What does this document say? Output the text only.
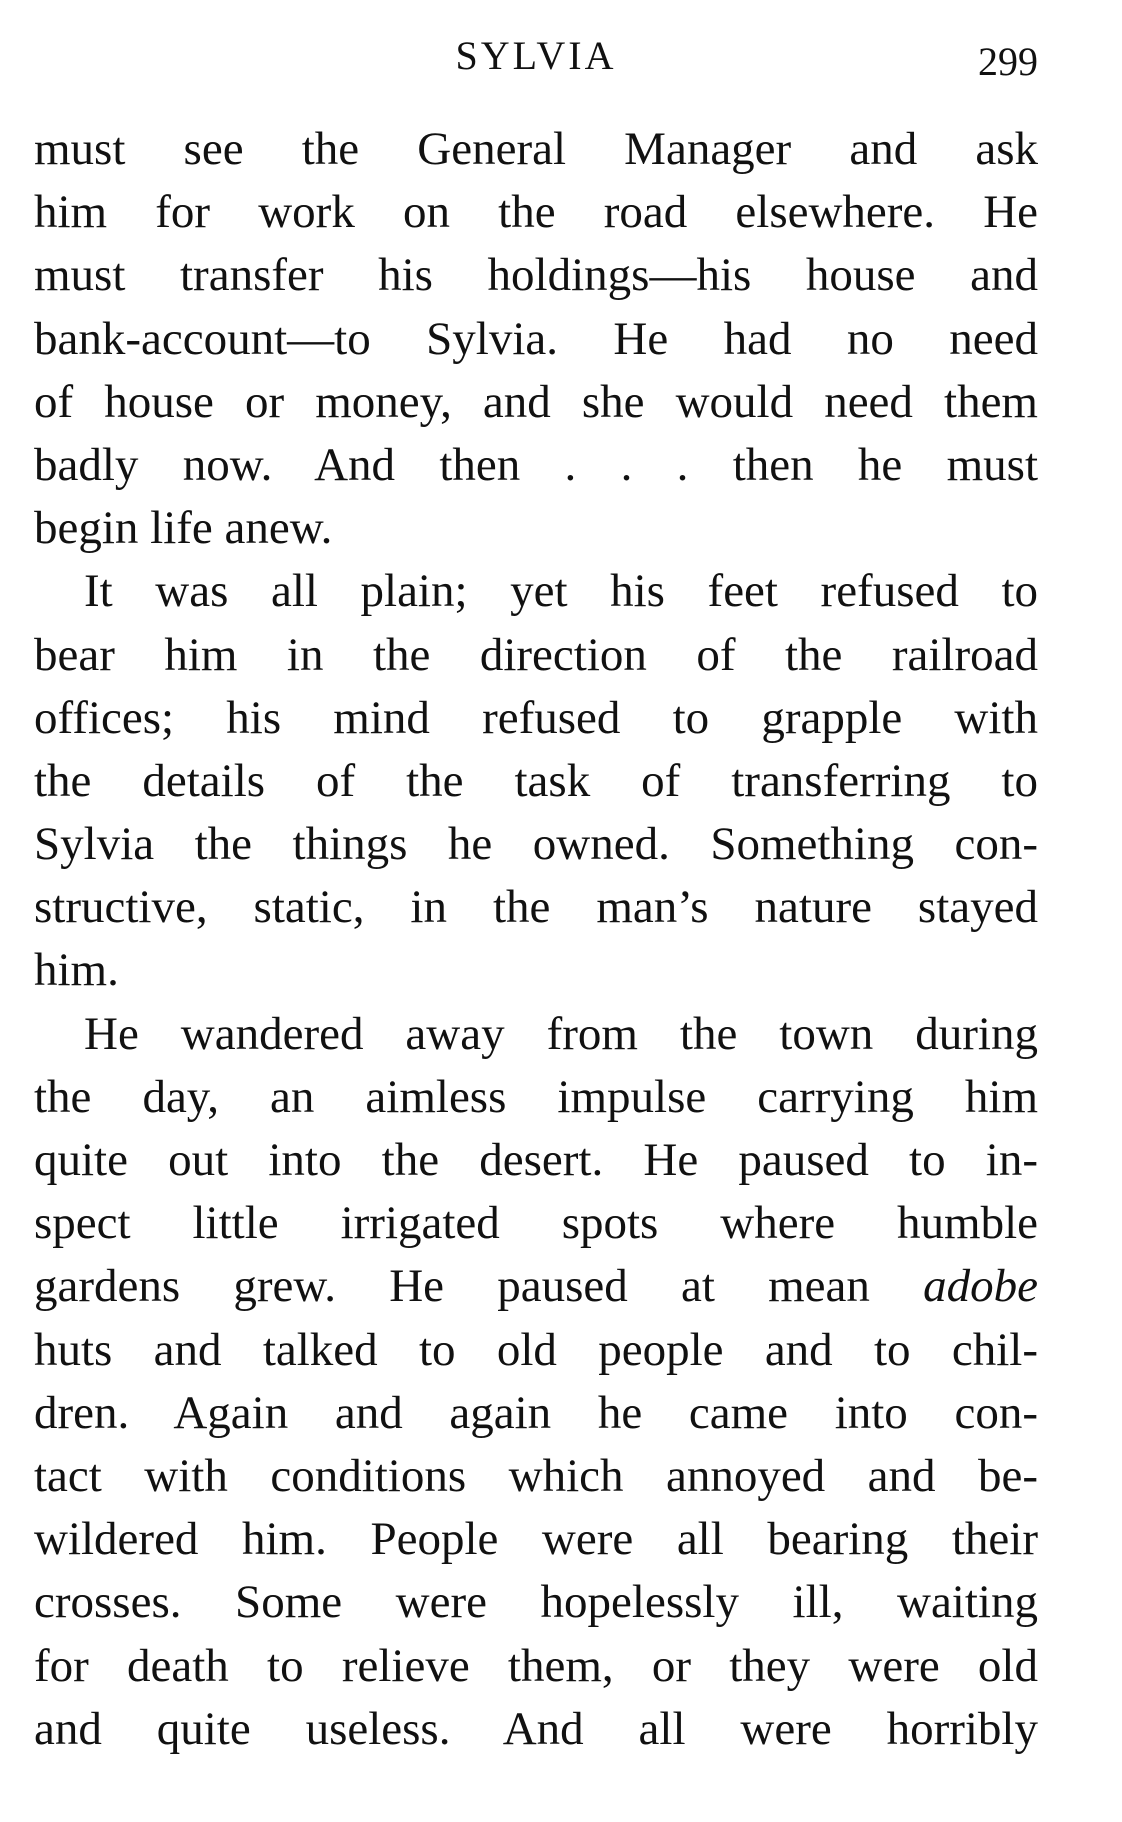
SYLVIA	299
must see the General Manager and ask
him for work on the road elsewhere. He
must transfer his holdings—his house and
bank-account—to Sylvia. He had no need
of house or money, and she would need them
badly now. And then . . . then he must
begin life anew.
It was all plain; yet his feet refused to
bear him in the direction of the railroad
offices; his mind refused to grapple with
the details of the task of transferring to
Sylvia the things he owned. Something con-
structive, static, in the man’s nature stayed
him.
He wandered away from the town during
the day, an aimless impulse carrying him
quite out into the desert. He paused to in-
spect little irrigated spots where humble
gardens grew. He paused at mean adobe
huts and talked to old people and to chil-
dren. Again and again he came into con-
tact with conditions which annoyed and be-
wildered him. People were all bearing their
crosses. Some were hopelessly ill, waiting
for death to relieve them, or they were old
and quite useless. And all were horribly
